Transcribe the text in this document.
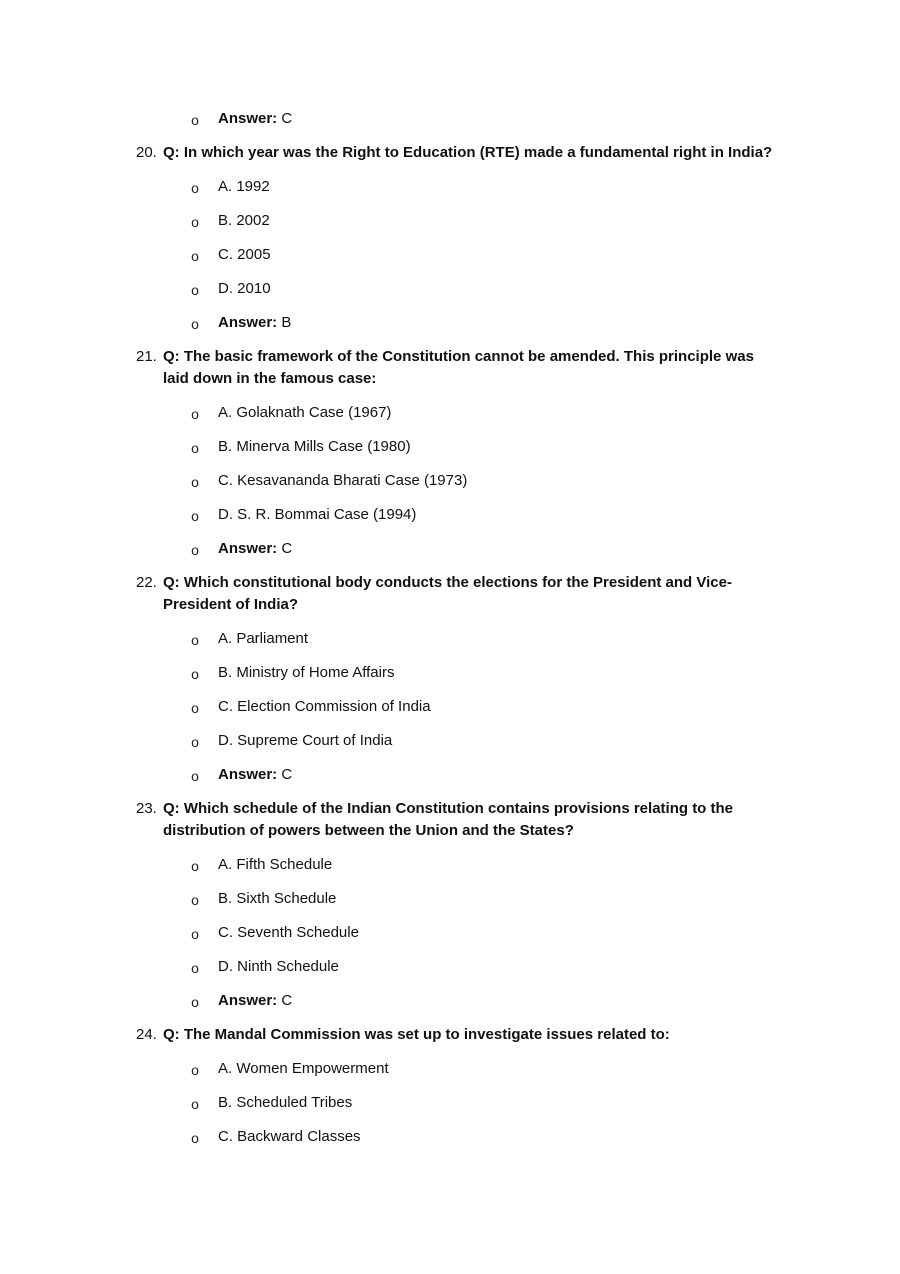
o Answer: C
20. Q: In which year was the Right to Education (RTE) made a fundamental right in India?
o A. 1992
o B. 2002
o C. 2005
o D. 2010
o Answer: B
21. Q: The basic framework of the Constitution cannot be amended. This principle was laid down in the famous case:
o A. Golaknath Case (1967)
o B. Minerva Mills Case (1980)
o C. Kesavananda Bharati Case (1973)
o D. S. R. Bommai Case (1994)
o Answer: C
22. Q: Which constitutional body conducts the elections for the President and Vice-President of India?
o A. Parliament
o B. Ministry of Home Affairs
o C. Election Commission of India
o D. Supreme Court of India
o Answer: C
23. Q: Which schedule of the Indian Constitution contains provisions relating to the distribution of powers between the Union and the States?
o A. Fifth Schedule
o B. Sixth Schedule
o C. Seventh Schedule
o D. Ninth Schedule
o Answer: C
24. Q: The Mandal Commission was set up to investigate issues related to:
o A. Women Empowerment
o B. Scheduled Tribes
o C. Backward Classes
